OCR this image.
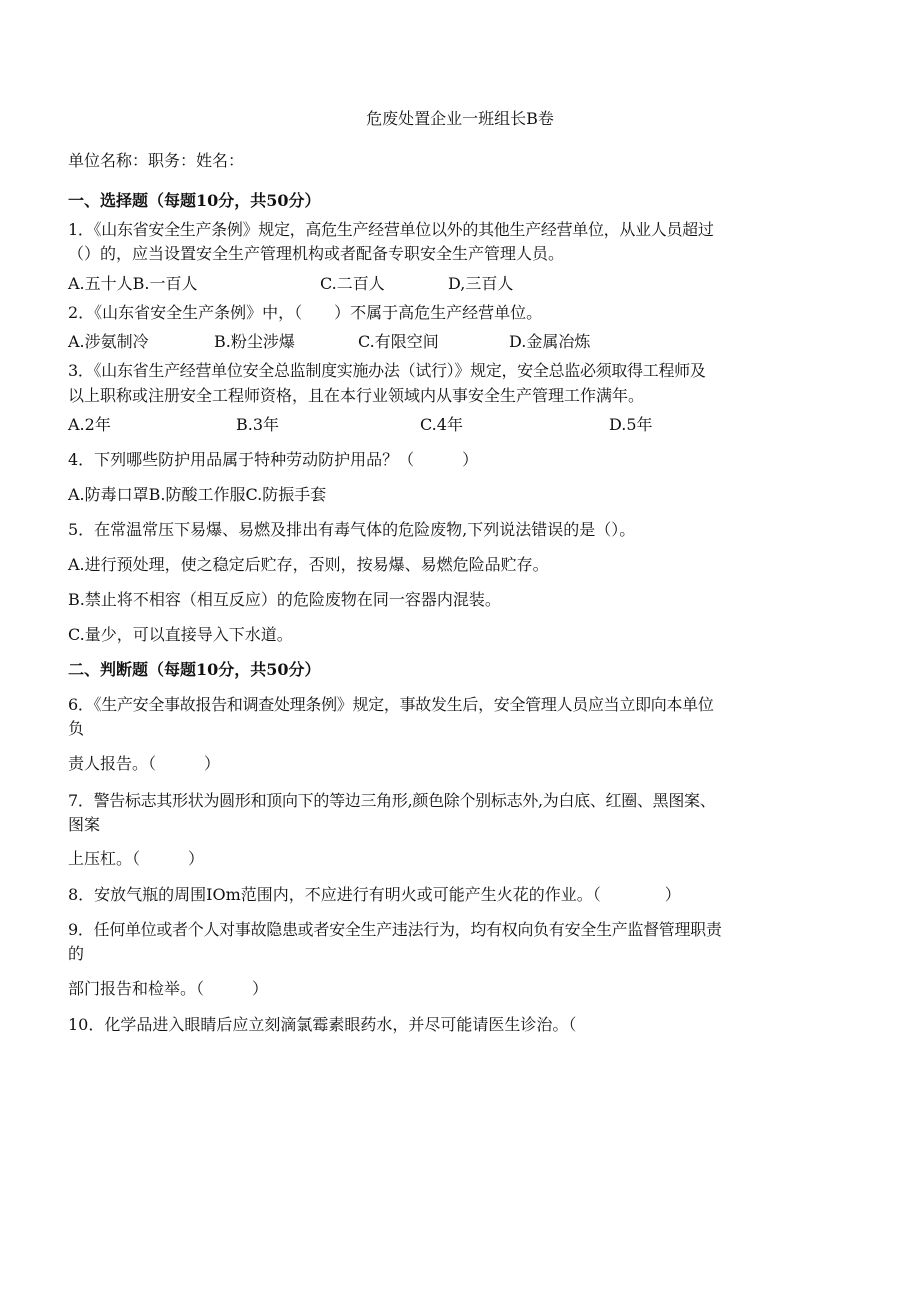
危废处置企业一班组长B卷
单位名称：职务：姓名：
一、选择题（每题10分，共50分）
1．《山东省安全生产条例》规定，高危生产经营单位以外的其他生产经营单位，从业人员超过
（）的，应当设置安全生产管理机构或者配备专职安全生产管理人员。
A.五十人B.一百人	C.二百人	D,三百人
2．《山东省安全生产条例》中，（　　）不属于高危生产经营单位。
A.涉氨制冷	B.粉尘涉爆	C.有限空间	D.金属冶炼
3．《山东省生产经营单位安全总监制度实施办法（试行）》规定，安全总监必须取得工程师及
以上职称或注册安全工程师资格，且在本行业领域内从事安全生产管理工作满年。
A.2年	B.3年	C.4年	D.5年
4．下列哪些防护用品属于特种劳动防护用品？（　　　）
A.防毒口罩B.防酸工作服C.防振手套
5．在常温常压下易爆、易燃及排出有毒气体的危险废物,下列说法错误的是（）。
A.进行预处理，使之稳定后贮存，否则，按易爆、易燃危险品贮存。
B.禁止将不相容（相互反应）的危险废物在同一容器内混装。
C.量少，可以直接导入下水道。
二、判断题（每题10分，共50分）
6．《生产安全事故报告和调查处理条例》规定，事故发生后，安全管理人员应当立即向本单位
负
责人报告。（　　　）
7．警告标志其形状为圆形和顶向下的等边三角形,颜色除个别标志外,为白底、红圈、黑图案、
图案
上压杠。（　　　）
8．安放气瓶的周围IOm范围内，不应进行有明火或可能产生火花的作业。（　　　　）
9．任何单位或者个人对事故隐患或者安全生产违法行为，均有权向负有安全生产监督管理职责
的
部门报告和检举。（　　　）
10．化学品进入眼睛后应立刻滴氯霉素眼药水，并尽可能请医生诊治。（
